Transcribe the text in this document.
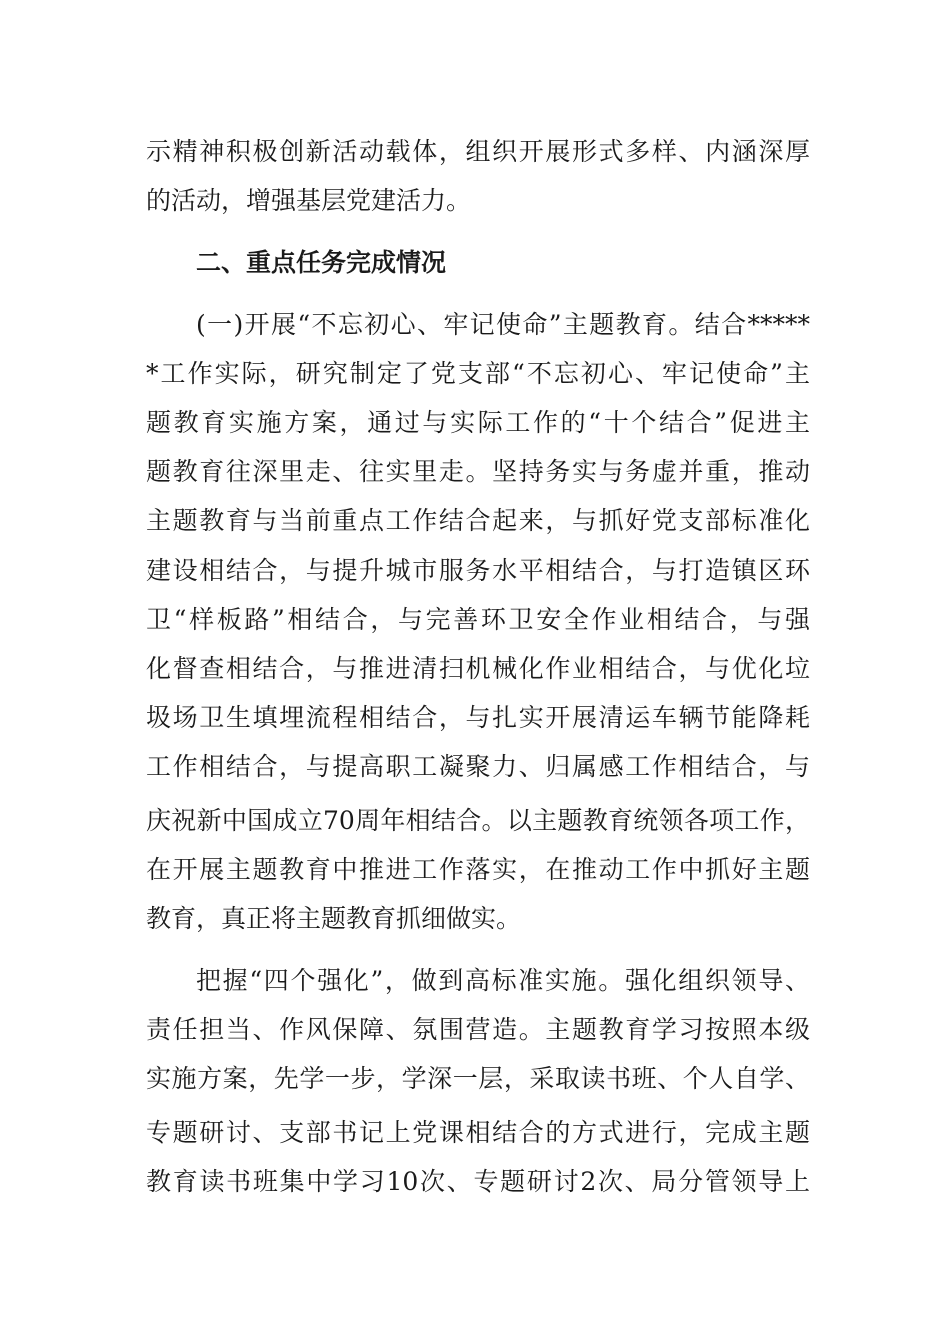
示精神积极创新活动载体，组织开展形式多样、内涵深厚
的活动，增强基层党建活力。
二、重点任务完成情况
(一)开展“不忘初心、牢记使命”主题教育。结合*****
*工作实际，研究制定了党支部“不忘初心、牢记使命”主
题教育实施方案，通过与实际工作的“十个结合”促进主
题教育往深里走、往实里走。坚持务实与务虚并重，推动
主题教育与当前重点工作结合起来，与抓好党支部标准化
建设相结合，与提升城市服务水平相结合，与打造镇区环
卫“样板路”相结合，与完善环卫安全作业相结合，与强
化督查相结合，与推进清扫机械化作业相结合，与优化垃
圾场卫生填埋流程相结合，与扎实开展清运车辆节能降耗
工作相结合，与提高职工凝聚力、归属感工作相结合，与
庆祝新中国成立70周年相结合。以主题教育统领各项工作，
在开展主题教育中推进工作落实，在推动工作中抓好主题
教育，真正将主题教育抓细做实。
把握“四个强化”，做到高标准实施。强化组织领导、
责任担当、作风保障、氛围营造。主题教育学习按照本级
实施方案，先学一步，学深一层，采取读书班、个人自学、
专题研讨、支部书记上党课相结合的方式进行，完成主题
教育读书班集中学习10次、专题研讨2次、局分管领导上
